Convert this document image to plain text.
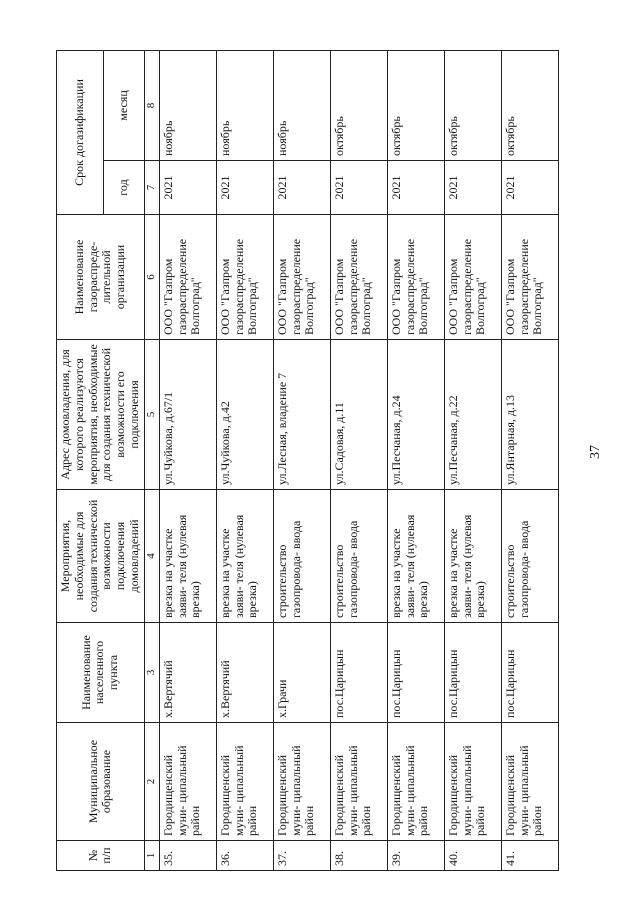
37
№ п/п	Муниципальное образование	Наименование населенного пункта	Мероприятия, необходимые для создания технической возможности подключения домовладений	Адрес домовладения, для которого реализуются мероприятия, необходимые для создания технической возможности его подключения	Наименование газораспреде- лительной организации	Срок догазификации	
						год	месяц
1	2	3	4	5	6	7	8
35.	Городищенский муни- ципальный район	х.Вертячий	врезка на участке заяви- теля (нулевая врезка)	ул.Чуйкова, д.67/1	ООО "Газпром газораспределение Волгоград"	2021	ноябрь
36.	Городищенский муни- ципальный район	х.Вертячий	врезка на участке заяви- теля (нулевая врезка)	ул.Чуйкова, д.42	ООО "Газпром газораспределение Волгоград"	2021	ноябрь
37.	Городищенский муни- ципальный район	х.Грачи	строительство газопровода- ввода	ул.Лесная, владение 7	ООО "Газпром газораспределение Волгоград"	2021	ноябрь
38.	Городищенский муни- ципальный район	пос.Царицын	строительство газопровода- ввода	ул.Садовая, д.11	ООО "Газпром газораспределение Волгоград"	2021	октябрь
39.	Городищенский муни- ципальный район	пос.Царицын	врезка на участке заяви- теля (нулевая врезка)	ул.Песчаная, д.24	ООО "Газпром газораспределение Волгоград"	2021	октябрь
40.	Городищенский муни- ципальный район	пос.Царицын	врезка на участке заяви- теля (нулевая врезка)	ул.Песчаная, д.22	ООО "Газпром газораспределение Волгоград"	2021	октябрь
41.	Городищенский муни- ципальный район	пос.Царицын	строительство газопровода- ввода	ул.Янтарная, д.13	ООО "Газпром газораспределение Волгоград"	2021	октябрь
